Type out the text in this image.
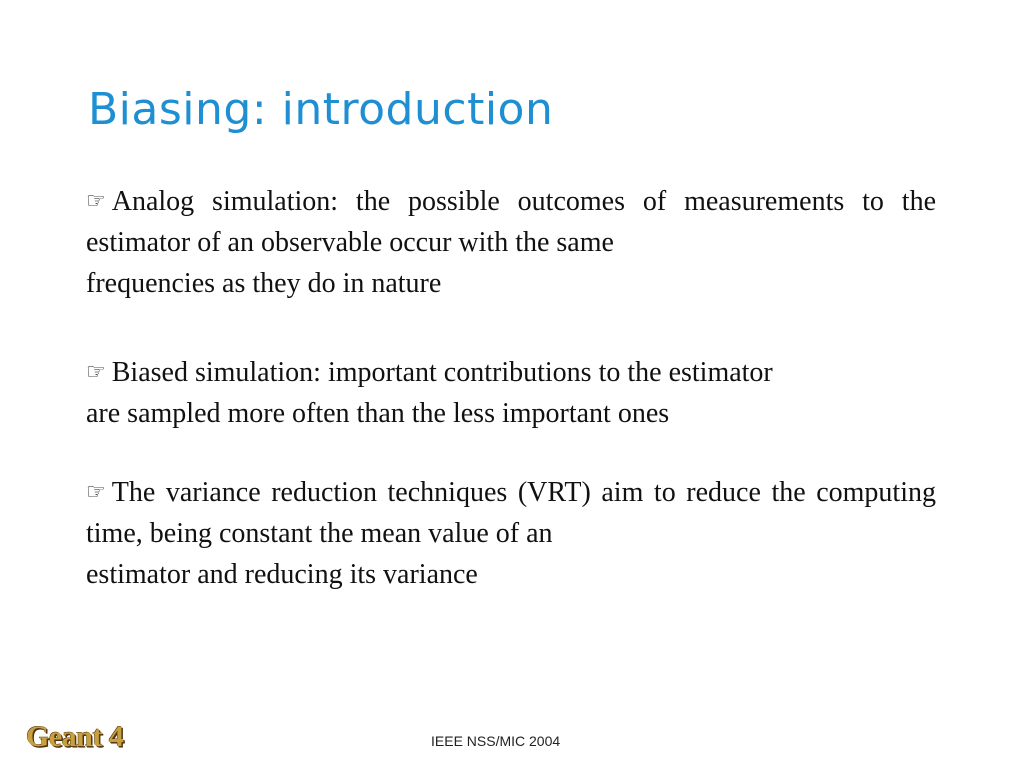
Biasing: introduction
☞ Analog simulation: the possible outcomes of measurements to the estimator of an observable occur with the same
frequencies as they do in nature
☞ Biased simulation: important contributions to the estimator
are sampled more often than the less important ones
☞ The variance reduction techniques (VRT) aim to reduce the computing time, being constant the mean value of an
estimator and reducing its variance
Geant 4	IEEE NSS/MIC 2004
